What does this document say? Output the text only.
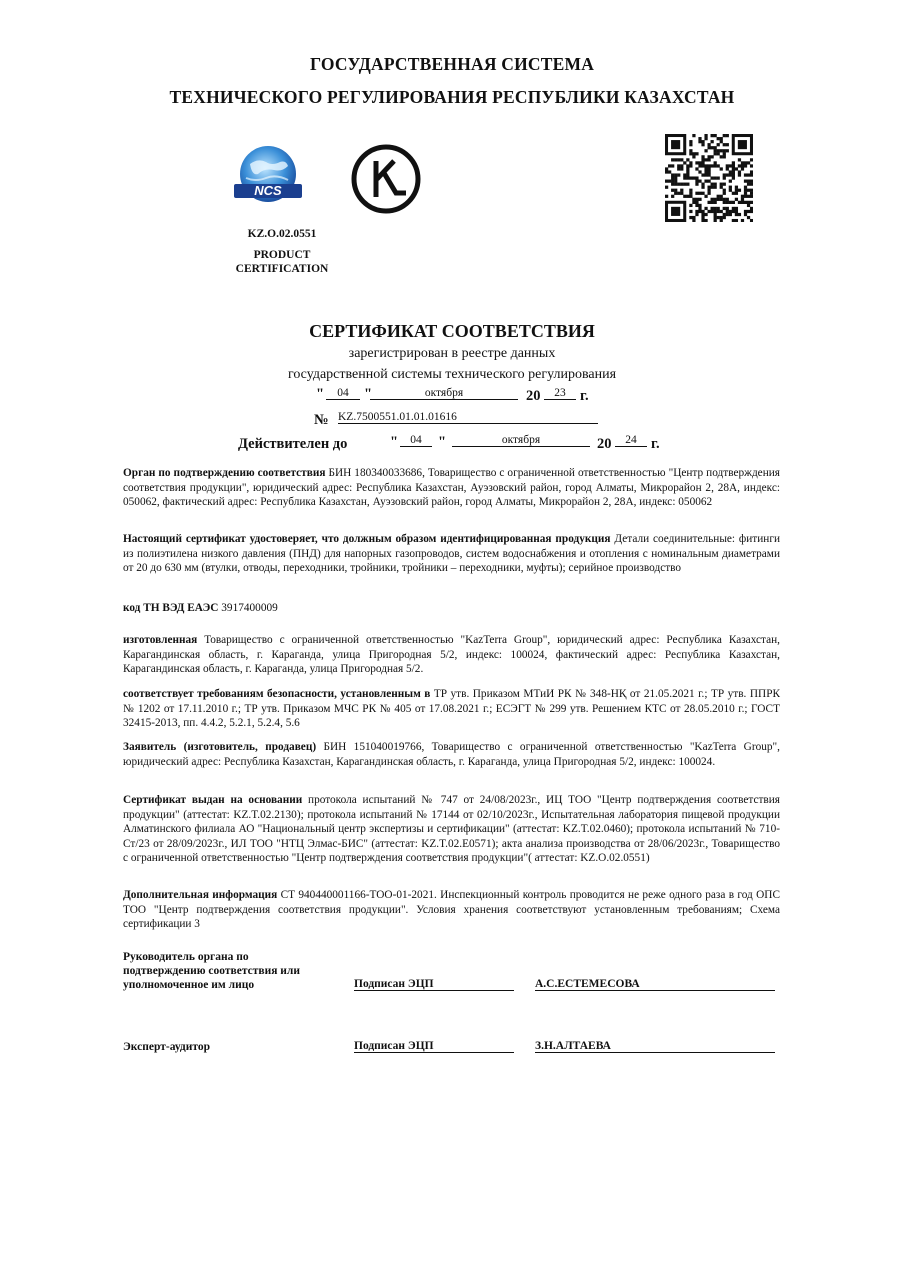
ГОСУДАРСТВЕННАЯ СИСТЕМА
ТЕХНИЧЕСКОГО РЕГУЛИРОВАНИЯ РЕСПУБЛИКИ КАЗАХСТАН
NCS
KZ.O.02.0551
PRODUCT
CERTIFICATION
СЕРТИФИКАТ СООТВЕТСТВИЯ
зарегистрирован в реестре данных
государственной системы технического регулирования
"	04	"	октября	20	23 г.
№ KZ.7500551.01.01.01616
Действителен до	"	04	"	октября	20	24 г.
Орган по подтверждению соответствия БИН 180340033686, Товарищество с ограниченной ответственностью "Центр подтверждения соответствия продукции", юридический адрес: Республика Казахстан, Ауэзовский район, город Алматы, Микрорайон 2, 28А, индекс: 050062, фактический адрес: Республика Казахстан, Ауэзовский район, город Алматы, Микрорайон 2, 28А, индекс: 050062
Настоящий сертификат удостоверяет, что должным образом идентифицированная продукция Детали соединительные: фитинги из полиэтилена низкого давления (ПНД) для напорных газопроводов, систем водоснабжения и отопления с номинальным диаметрами от 20 до 630 мм (втулки, отводы, переходники, тройники, тройники – переходники, муфты); серийное производство
код ТН ВЭД ЕАЭС 3917400009
изготовленная Товарищество с ограниченной ответственностью "KazTerra Group", юридический адрес: Республика Казахстан, Карагандинская область, г. Караганда, улица Пригородная 5/2, индекс: 100024, фактический адрес: Республика Казахстан, Карагандинская область, г. Караганда, улица Пригородная 5/2.
соответствует требованиям безопасности, установленным в ТР утв. Приказом МТиИ РК № 348-НҚ от 21.05.2021 г.; ТР утв. ППРК № 1202 от 17.11.2010 г.; ТР утв. Приказом МЧС РК № 405 от 17.08.2021 г.; ЕСЭГТ № 299 утв. Решением КТС от 28.05.2010 г.; ГОСТ 32415-2013, пп. 4.4.2, 5.2.1, 5.2.4, 5.6
Заявитель (изготовитель, продавец) БИН 151040019766, Товарищество с ограниченной ответственностью "KazTerra Group", юридический адрес: Республика Казахстан, Карагандинская область, г. Караганда, улица Пригородная 5/2, индекс: 100024.
Сертификат выдан на основании протокола испытаний № 747 от 24/08/2023г., ИЦ ТОО "Центр подтверждения соответствия продукции" (аттестат: KZ.T.02.2130); протокола испытаний № 17144 от 02/10/2023г., Испытательная лаборатория пищевой продукции Алматинского филиала АО "Национальный центр экспертизы и сертификации" (аттестат: KZ.T.02.0460); протокола испытаний № 710-Ст/23 от 28/09/2023г., ИЛ ТОО "НТЦ Элмас-БИС" (аттестат: KZ.T.02.E0571); акта анализа производства от 28/06/2023г., Товарищество с ограниченной ответственностью "Центр подтверждения соответствия продукции"( аттестат: KZ.O.02.0551)
Дополнительная информация СТ 940440001166-ТОО-01-2021. Инспекционный контроль проводится не реже одного раза в год ОПС ТОО "Центр подтверждения соответствия продукции". Условия хранения соответствуют установленным требованиям; Схема сертификации 3
Руководитель органа по
подтверждению соответствия или
уполномоченное им лицо	Подписан ЭЦП	А.С.ЕСТЕМЕСОВА
Эксперт-аудитор	Подписан ЭЦП	З.Н.АЛТАЕВА
